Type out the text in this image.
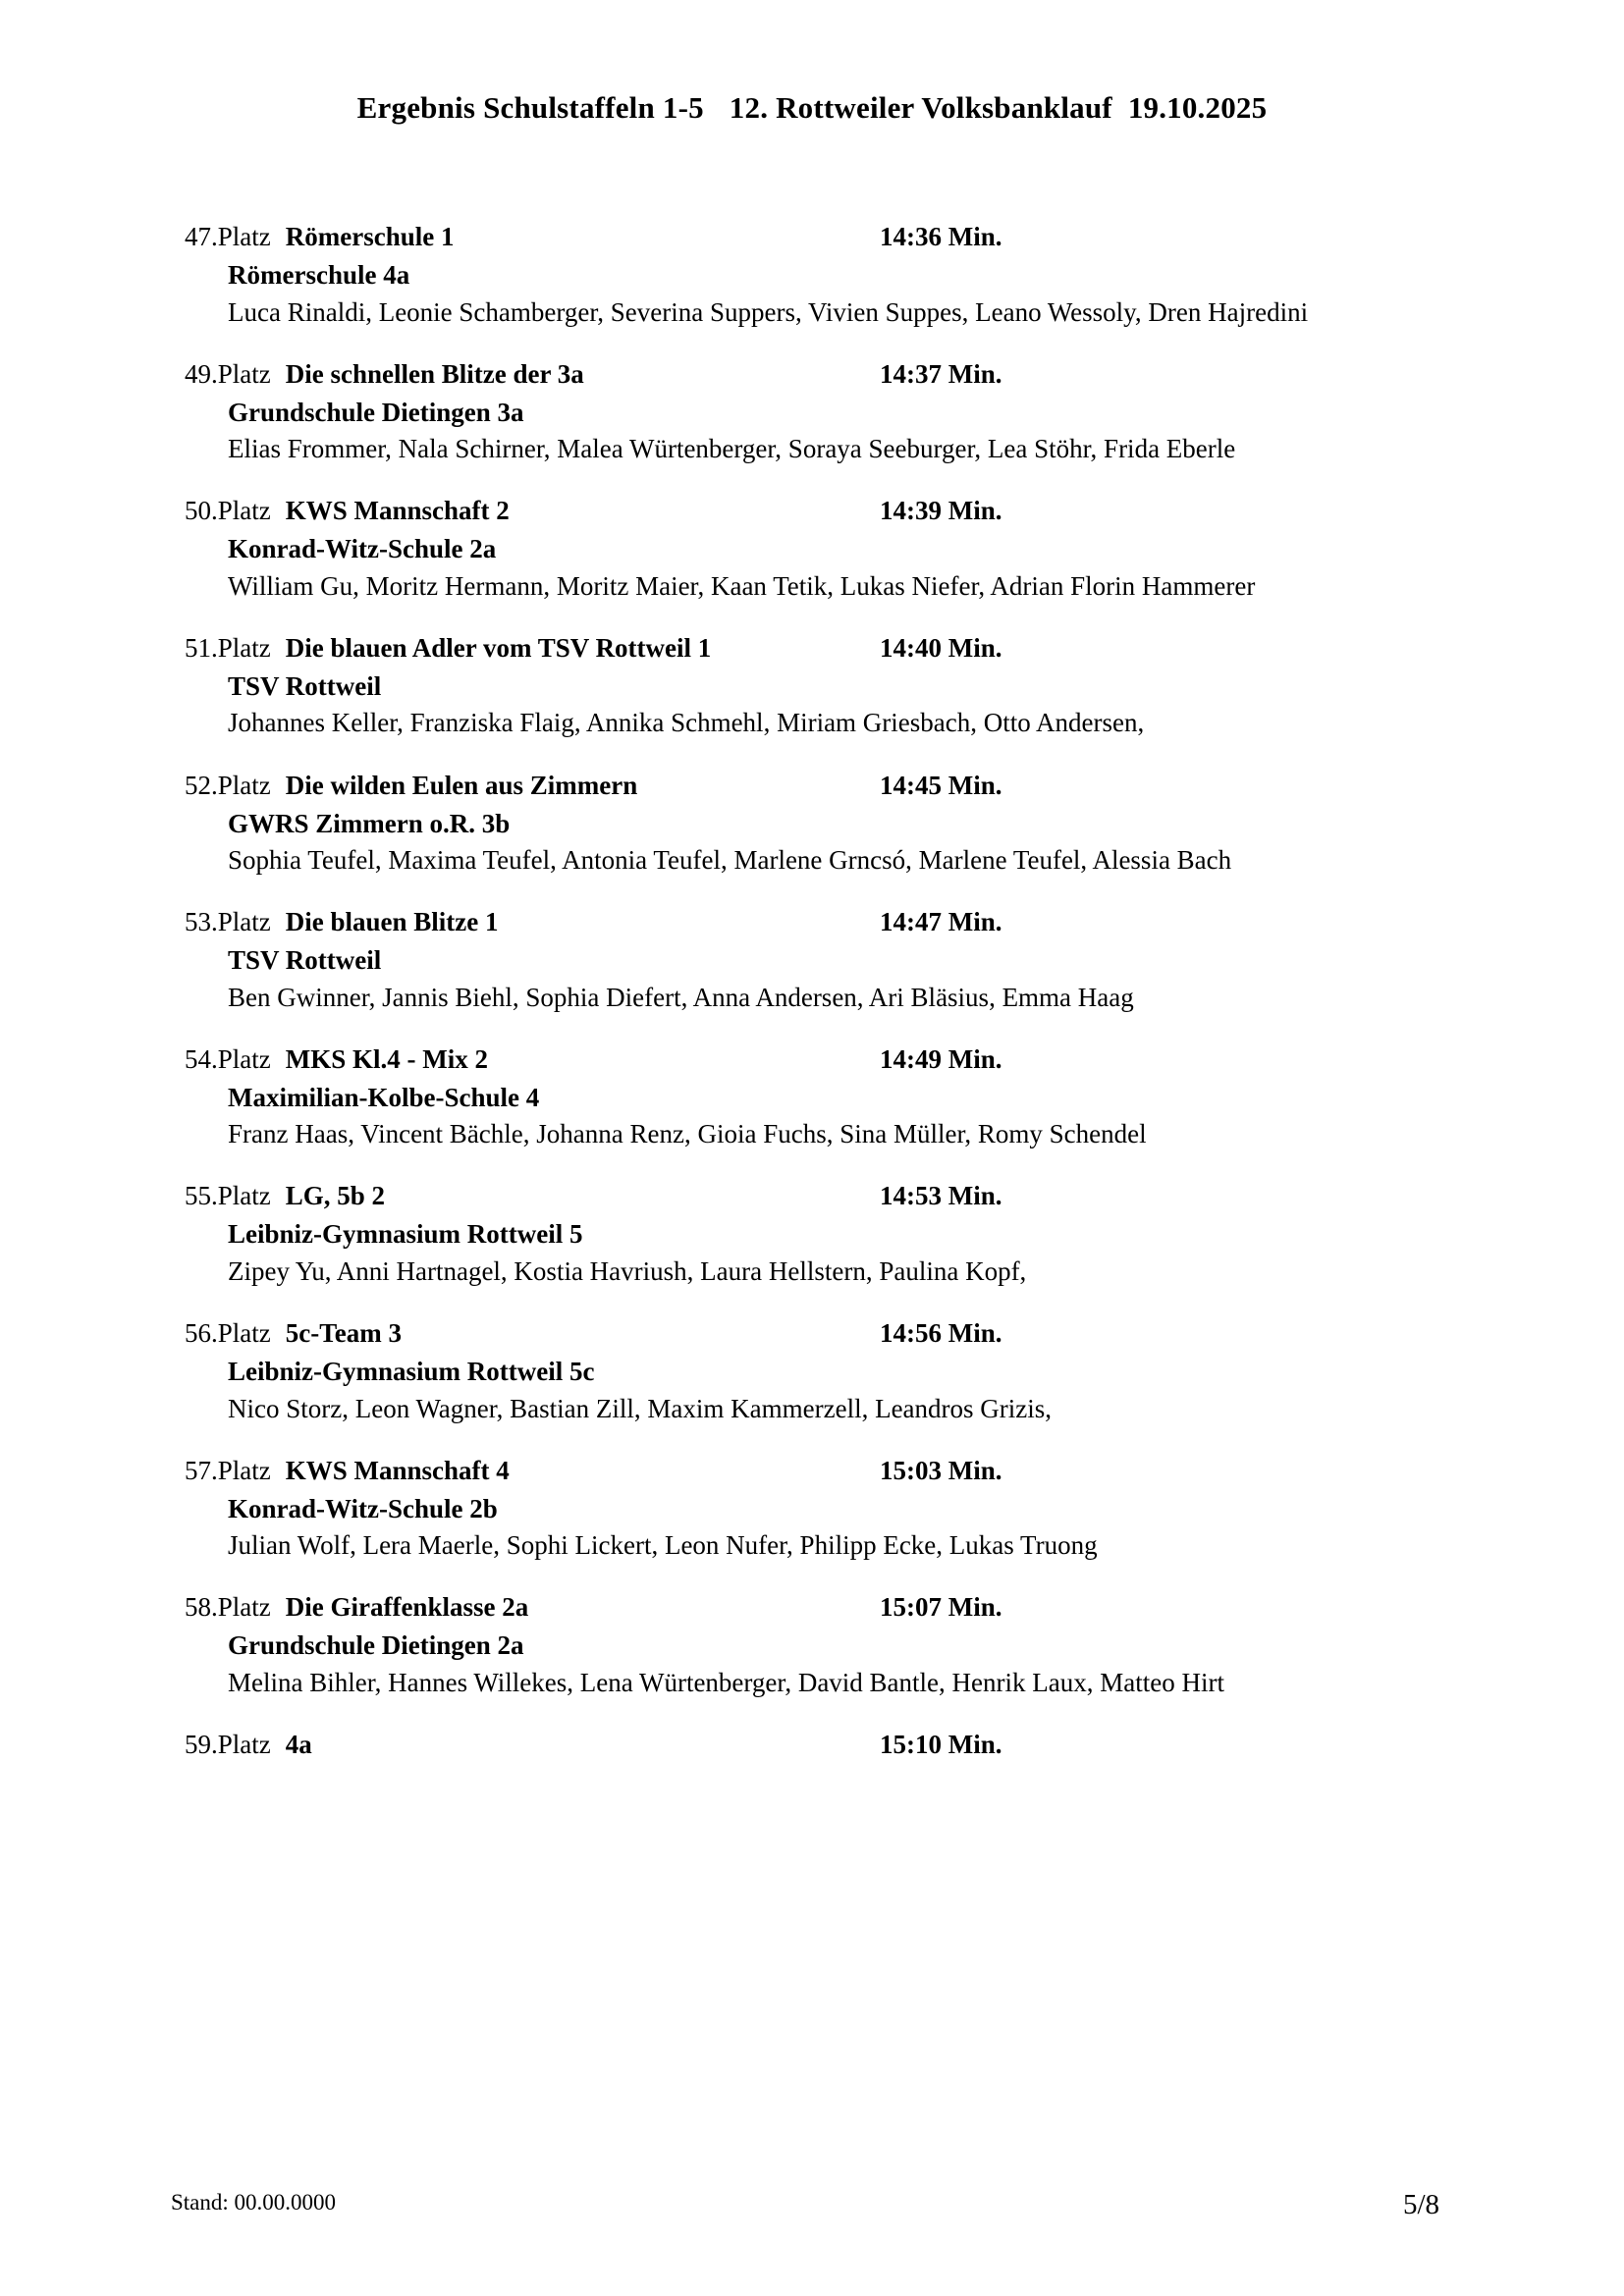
Ergebnis Schulstaffeln 1-5 12. Rottweiler Volksbanklauf 19.10.2025
47.Platz Römerschule 1	14:36 Min.
Römerschule 4a
Luca Rinaldi, Leonie Schamberger, Severina Suppers, Vivien Suppes, Leano Wessoly, Dren Hajredini
49.Platz Die schnellen Blitze der 3a	14:37 Min.
Grundschule Dietingen 3a
Elias Frommer, Nala Schirner, Malea Würtenberger, Soraya Seeburger, Lea Stöhr, Frida Eberle
50.Platz KWS Mannschaft 2	14:39 Min.
Konrad-Witz-Schule 2a
William Gu, Moritz Hermann, Moritz Maier, Kaan Tetik, Lukas Niefer, Adrian Florin Hammerer
51.Platz Die blauen Adler vom TSV Rottweil 1	14:40 Min.
TSV Rottweil
Johannes Keller, Franziska Flaig, Annika Schmehl, Miriam Griesbach, Otto Andersen,
52.Platz Die wilden Eulen aus Zimmern	14:45 Min.
GWRS Zimmern o.R. 3b
Sophia Teufel, Maxima Teufel, Antonia Teufel, Marlene Grncsó, Marlene Teufel, Alessia Bach
53.Platz Die blauen Blitze 1	14:47 Min.
TSV Rottweil
Ben Gwinner, Jannis Biehl, Sophia Diefert, Anna Andersen, Ari Bläsius, Emma Haag
54.Platz MKS Kl.4 - Mix 2	14:49 Min.
Maximilian-Kolbe-Schule 4
Franz Haas, Vincent Bächle, Johanna Renz, Gioia Fuchs, Sina Müller, Romy Schendel
55.Platz LG, 5b 2	14:53 Min.
Leibniz-Gymnasium Rottweil 5
Zipey Yu, Anni Hartnagel, Kostia Havriush, Laura Hellstern, Paulina Kopf,
56.Platz 5c-Team 3	14:56 Min.
Leibniz-Gymnasium Rottweil 5c
Nico Storz, Leon Wagner, Bastian Zill, Maxim Kammerzell, Leandros Grizis,
57.Platz KWS Mannschaft 4	15:03 Min.
Konrad-Witz-Schule 2b
Julian Wolf, Lera Maerle, Sophi Lickert, Leon Nufer, Philipp Ecke, Lukas Truong
58.Platz Die Giraffenklasse 2a	15:07 Min.
Grundschule Dietingen 2a
Melina Bihler, Hannes Willekes, Lena Würtenberger, David Bantle, Henrik Laux, Matteo Hirt
59.Platz 4a	15:10 Min.
Stand: 00.00.0000	5/8
